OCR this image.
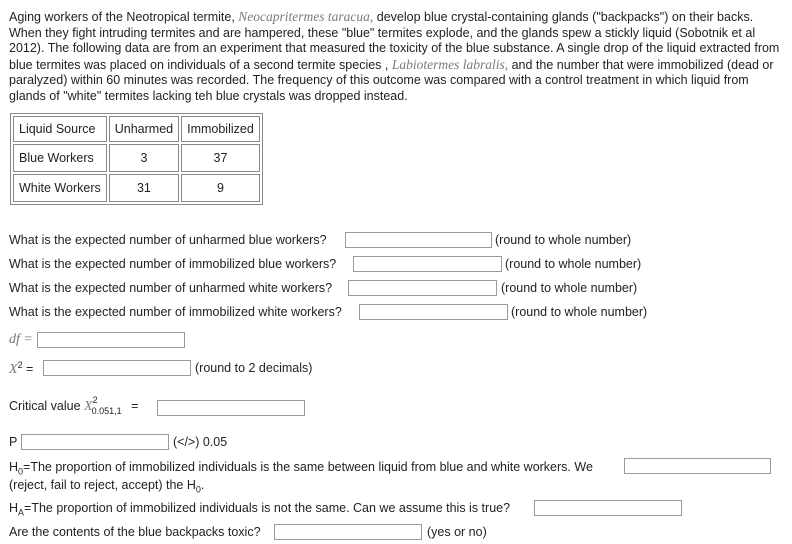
Aging workers of the Neotropical termite, Neocapritermes taracua, develop blue crystal-containing glands ("backpacks") on their backs. When they fight intruding termites and are hampered, these "blue" termites explode, and the glands spew a stickly liquid (Sobotnik et al 2012). The following data are from an experiment that measured the toxicity of the blue substance. A single drop of the liquid extracted from blue termites was placed on individuals of a second termite species , Labiotermes labralis, and the number that were immobilized (dead or paralyzed) within 60 minutes was recorded. The frequency of this outcome was compared with a control treatment in which liquid from glands of "white" termites lacking teh blue crystals was dropped instead.

Liquid Source	Unharmed	Immobilized
Blue Workers	3	37
White Workers	31	9
What is the expected number of unharmed blue workers?	(round to whole number)
What is the expected number of immobilized blue workers?	(round to whole number)
What is the expected number of unharmed white workers?	(round to whole number)
What is the expected number of immobilized white workers?	(round to whole number)
df =
$X^2$ =	(round to 2 decimals)
Critical value $X^2_{0.051,1}$ =
P	(</>) 0.05
$H_0=The$ proportion of immobilized individuals is the same between liquid from blue and white workers. We
(reject, fail to reject, accept) the $H_0$.
$H_A=The$ proportion of immobilized individuals is not the same. Can we assume this is true?
Are the contents of the blue backpacks toxic?	(yes or no)
